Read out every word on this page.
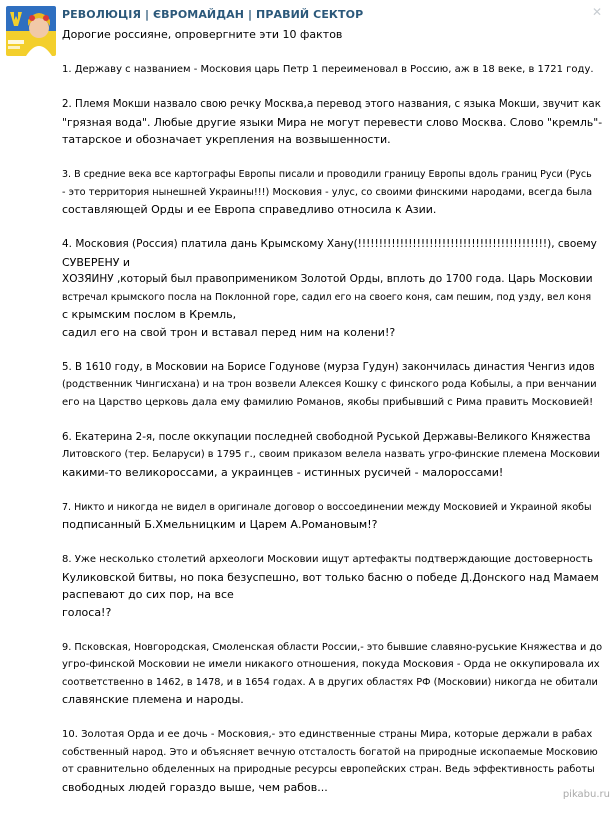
РЕВОЛЮЦІЯ | ЄВРОМАЙДАН | ПРАВИЙ СЕКТОР	✕
Дорогие россияне, опровергните эти 10 фактов
1. Державу с названием - Московия царь Петр 1 переименовал в Россию, аж в 18 веке, в 1721 году.
2. Племя Мокши назвало свою речку Москва,а перевод этого названия, с языка Мокши, звучит как
"грязная вода". Любые другие языки Мира не могут перевести слово Москва. Слово "кремль"-
татарское и обозначает укрепления на возвышенности.
3. В средние века все картографы Европы писали и проводили границу Европы вдоль границ Руси (Русь
- это территория нынешней Украины!!!) Московия - улус, со своими финскими народами, всегда была
составляющей Орды и ее Европа справедливо относила к Азии.
4. Московия (Россия) платила дань Крымскому Хану(!!!!!!!!!!!!!!!!!!!!!!!!!!!!!!!!!!!!!!!!!!!!!), своему
СУВЕРЕНУ и
ХОЗЯИНУ ,который был правопримеником Золотой Орды, вплоть до 1700 года. Царь Московии
встречал крымского посла на Поклонной горе, садил его на своего коня, сам пешим, под узду, вел коня
с крымским послом в Кремль,
садил его на свой трон и вставал перед ним на колени!?
5. В 1610 году, в Московии на Борисе Годунове (мурза Гудун) закончилась династия Ченгиз идов
(родственник Чингисхана) и на трон возвели Алексея Кошку с финского рода Кобылы, а при венчании
его на Царство церковь дала ему фамилию Романов, якобы прибывший с Рима править Московией!
6. Екатерина 2-я, после оккупации последней свободной Руськой Державы-Великого Княжества
Литовского (тер. Беларуси) в 1795 г., своим приказом велела назвать угро-финские племена Московии
какими-то великороссами, а украинцев - истинных русичей - малороссами!
7. Никто и никогда не видел в оригинале договор о воссоединении между Московией и Украиной якобы
подписанный Б.Хмельницким и Царем А.Романовым!?
8. Уже несколько столетий археологи Московии ищут артефакты подтверждающие достоверность
Куликовской битвы, но пока безуспешно, вот только басню о победе Д.Донского над Мамаем
распевают до сих пор, на все
голоса!?
9. Псковская, Новгородская, Смоленская области России,- это бывшие славяно-руськие Княжества и до
угро-финской Московии не имели никакого отношения, покуда Московия - Орда не оккупировала их
соответственно в 1462, в 1478, и в 1654 годах. А в других областях РФ (Московии) никогда не обитали
славянские племена и народы.
10. Золотая Орда и ее дочь - Московия,- это единственные страны Мира, которые держали в рабах
собственный народ. Это и объясняет вечную отсталость богатой на природные ископаемые Московию
от сравнительно обделенных на природные ресурсы европейских стран. Ведь эффективность работы
свободных людей гораздо выше, чем рабов...
pikabu.ru
